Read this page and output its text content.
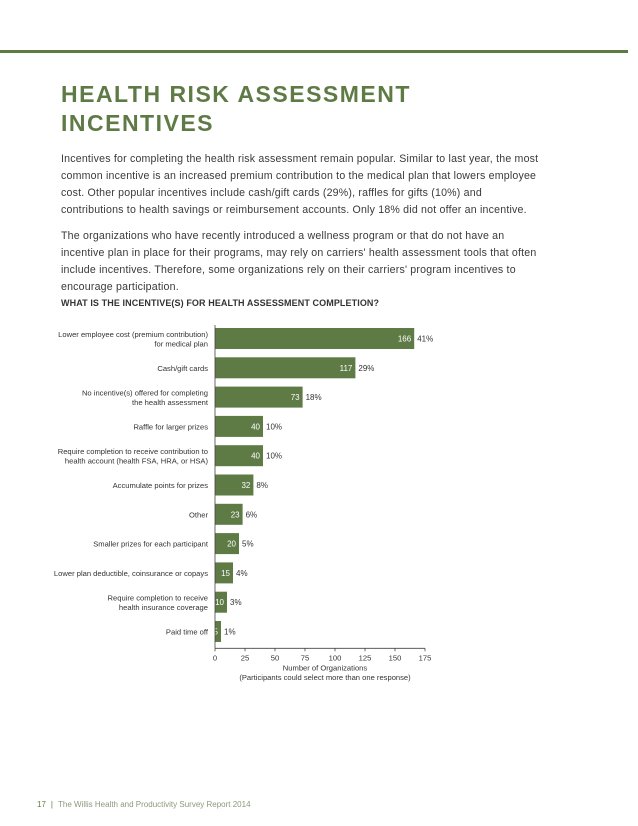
HEALTH RISK ASSESSMENT
INCENTIVES

Incentives for completing the health risk assessment remain popular. Similar to last year, the most common incentive is an increased premium contribution to the medical plan that lowers employee cost. Other popular incentives include cash/gift cards (29%), raffles for gifts (10%) and contributions to health savings or reimbursement accounts. Only 18% did not offer an incentive.

The organizations who have recently introduced a wellness program or that do not have an incentive plan in place for their programs, may rely on carriers' health assessment tools that often include incentives. Therefore, some organizations rely on their carriers' program incentives to encourage participation.

WHAT IS THE INCENTIVE(S) FOR HEALTH ASSESSMENT COMPLETION?
166 41%
Lower employee cost (premium contribution)
for medical plan
117 29%
Cash/gift cards
73 18%
No incentive(s) offered for completing
the health assessment
40 10%
Raffle for larger prizes
40 10%
Require completion to receive contribution to
health account (health FSA, HRA, or HSA)
32 8%
Accumulate points for prizes
23 6%
Other
20 5%
Smaller prizes for each participant
15 4%
Lower plan deductible, coinsurance or copays
10 3%
Require completion to receive
health insurance coverage
5 1%
Paid time off
0	25	50	75	100 125 150 175
Number of Organizations
(Participants could select more than one response)
17 | The Willis Health and Productivity Survey Report 2014
